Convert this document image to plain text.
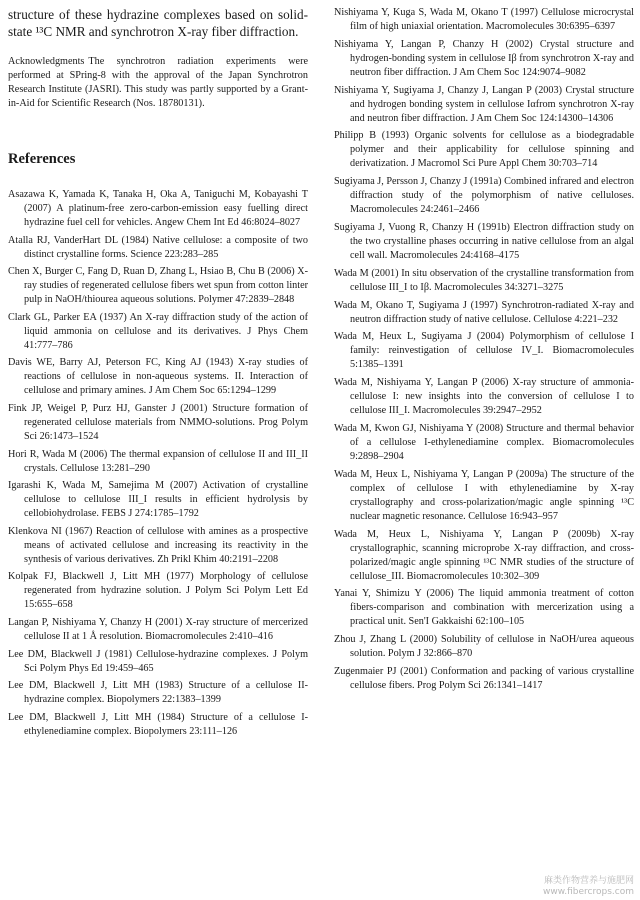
structure of these hydrazine complexes based on solid-state ¹³C NMR and synchrotron X-ray fiber diffraction.

Acknowledgments The synchrotron radiation experiments were performed at SPring-8 with the approval of the Japan Synchrotron Research Institute (JASRI). This study was partly supported by a Grant-in-Aid for Scientific Research (Nos. 18780131).

References
Asazawa K, Yamada K, Tanaka H, Oka A, Taniguchi M, Kobayashi T (2007) A platinum-free zero-carbon-emission easy fuelling direct hydrazine fuel cell for vehicles. Angew Chem Int Ed 46:8024–8027
Atalla RJ, VanderHart DL (1984) Native cellulose: a composite of two distinct crystalline forms. Science 223:283–285
Chen X, Burger C, Fang D, Ruan D, Zhang L, Hsiao B, Chu B (2006) X-ray studies of regenerated cellulose fibers wet spun from cotton linter pulp in NaOH/thiourea aqueous solutions. Polymer 47:2839–2848
Clark GL, Parker EA (1937) An X-ray diffraction study of the action of liquid ammonia on cellulose and its derivatives. J Phys Chem 41:777–786
Davis WE, Barry AJ, Peterson FC, King AJ (1943) X-ray studies of reactions of cellulose in non-aqueous systems. II. Interaction of cellulose and primary amines. J Am Chem Soc 65:1294–1299
Fink JP, Weigel P, Purz HJ, Ganster J (2001) Structure formation of regenerated cellulose materials from NMMO-solutions. Prog Polym Sci 26:1473–1524
Hori R, Wada M (2006) The thermal expansion of cellulose II and III_II crystals. Cellulose 13:281–290
Igarashi K, Wada M, Samejima M (2007) Activation of crystalline cellulose to cellulose III_I results in efficient hydrolysis by cellobiohydrolase. FEBS J 274:1785–1792
Klenkova NI (1967) Reaction of cellulose with amines as a prospective means of activated cellulose and increasing its reactivity in the synthesis of various derivatives. Zh Prikl Khim 40:2191–2208
Kolpak FJ, Blackwell J, Litt MH (1977) Morphology of cellulose regenerated from hydrazine solution. J Polym Sci Polym Lett Ed 15:655–658
Langan P, Nishiyama Y, Chanzy H (2001) X-ray structure of mercerized cellulose II at 1 Å resolution. Biomacromolecules 2:410–416
Lee DM, Blackwell J (1981) Cellulose-hydrazine complexes. J Polym Sci Polym Phys Ed 19:459–465
Lee DM, Blackwell J, Litt MH (1983) Structure of a cellulose II-hydrazine complex. Biopolymers 22:1383–1399
Lee DM, Blackwell J, Litt MH (1984) Structure of a cellulose I-ethylenediamine complex. Biopolymers 23:111–126
Nishiyama Y, Kuga S, Wada M, Okano T (1997) Cellulose microcrystal film of high uniaxial orientation. Macromolecules 30:6395–6397
Nishiyama Y, Langan P, Chanzy H (2002) Crystal structure and hydrogen-bonding system in cellulose Iβ from synchrotron X-ray and neutron fiber diffraction. J Am Chem Soc 124:9074–9082
Nishiyama Y, Sugiyama J, Chanzy J, Langan P (2003) Crystal structure and hydrogen bonding system in cellulose Iαfrom synchrotron X-ray and neutron fiber diffraction. J Am Chem Soc 124:14300–14306
Philipp B (1993) Organic solvents for cellulose as a biodegradable polymer and their applicability for cellulose spinning and derivatization. J Macromol Sci Pure Appl Chem 30:703–714
Sugiyama J, Persson J, Chanzy J (1991a) Combined infrared and electron diffraction study of the polymorphism of native celluloses. Macromolecules 24:2461–2466
Sugiyama J, Vuong R, Chanzy H (1991b) Electron diffraction study on the two crystalline phases occurring in native cellulose from an algal cell wall. Macromolecules 24:4168–4175
Wada M (2001) In situ observation of the crystalline transformation from cellulose III_I to Iβ. Macromolecules 34:3271–3275
Wada M, Okano T, Sugiyama J (1997) Synchrotron-radiated X-ray and neutron diffraction study of native cellulose. Cellulose 4:221–232
Wada M, Heux L, Sugiyama J (2004) Polymorphism of cellulose I family: reinvestigation of cellulose IV_I. Biomacromolecules 5:1385–1391
Wada M, Nishiyama Y, Langan P (2006) X-ray structure of ammonia-cellulose I: new insights into the conversion of cellulose I to cellulose III_I. Macromolecules 39:2947–2952
Wada M, Kwon GJ, Nishiyama Y (2008) Structure and thermal behavior of a cellulose I-ethylenediamine complex. Biomacromolecules 9:2898–2904
Wada M, Heux L, Nishiyama Y, Langan P (2009a) The structure of the complex of cellulose I with ethylenediamine by X-ray crystallography and cross-polarization/magic angle spinning ¹³C nuclear magnetic resonance. Cellulose 16:943–957
Wada M, Heux L, Nishiyama Y, Langan P (2009b) X-ray crystallographic, scanning microprobe X-ray diffraction, and cross-polarized/magic angle spinning ¹³C NMR studies of the structure of cellulose_III. Biomacromolecules 10:302–309
Yanai Y, Shimizu Y (2006) The liquid ammonia treatment of cotton fibers-comparison and combination with mercerization using a practical unit. Sen'I Gakkaishi 62:100–105
Zhou J, Zhang L (2000) Solubility of cellulose in NaOH/urea aqueous solution. Polym J 32:866–870
Zugenmaier PJ (2001) Conformation and packing of various crystalline cellulose fibers. Prog Polym Sci 26:1341–1417
麻类作物营养与施肥网
www.fibercrops.com
